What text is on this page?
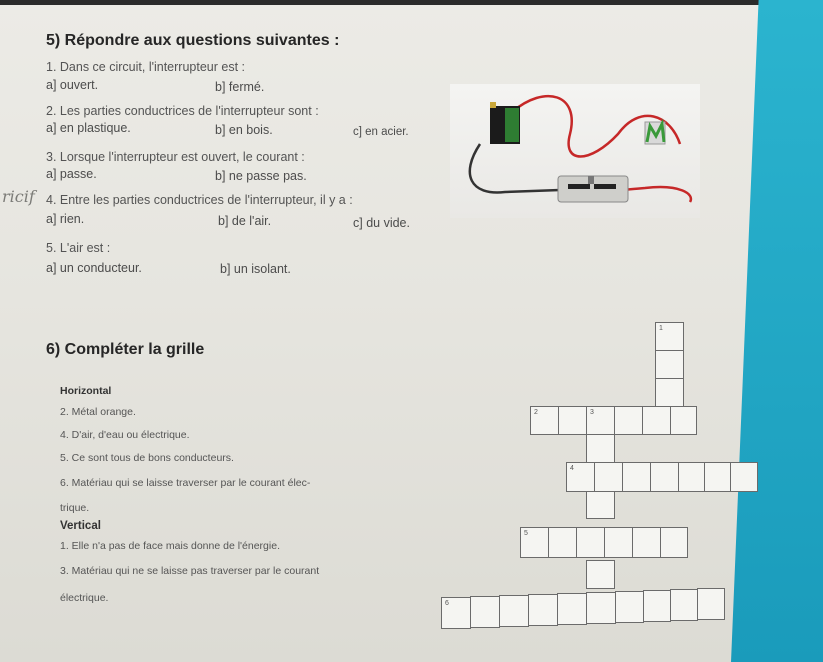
5) Répondre aux questions suivantes :
1. Dans ce circuit, l'interrupteur est :
a] ouvert.	b] fermé.
2. Les parties conductrices de l'interrupteur sont :
a] en plastique.	b] en bois.	c] en acier.
3. Lorsque l'interrupteur est ouvert, le courant :
a] passe.	b] ne passe pas.
ricif 4. Entre les parties conductrices de l'interrupteur, il y a :
a] rien.	b] de l'air.	c] du vide.
5. L'air est :
a] un conducteur.	b] un isolant.
6) Compléter la grille
Horizontal
2. Métal orange.
4. D'air, d'eau ou électrique.
5. Ce sont tous de bons conducteurs.
6. Matériau qui se laisse traverser par le courant élec-
trique.
Vertical
1. Elle n'a pas de face mais donne de l'énergie.
3. Matériau qui ne se laisse pas traverser par le courant
électrique.
1
2	3
4
5
6
